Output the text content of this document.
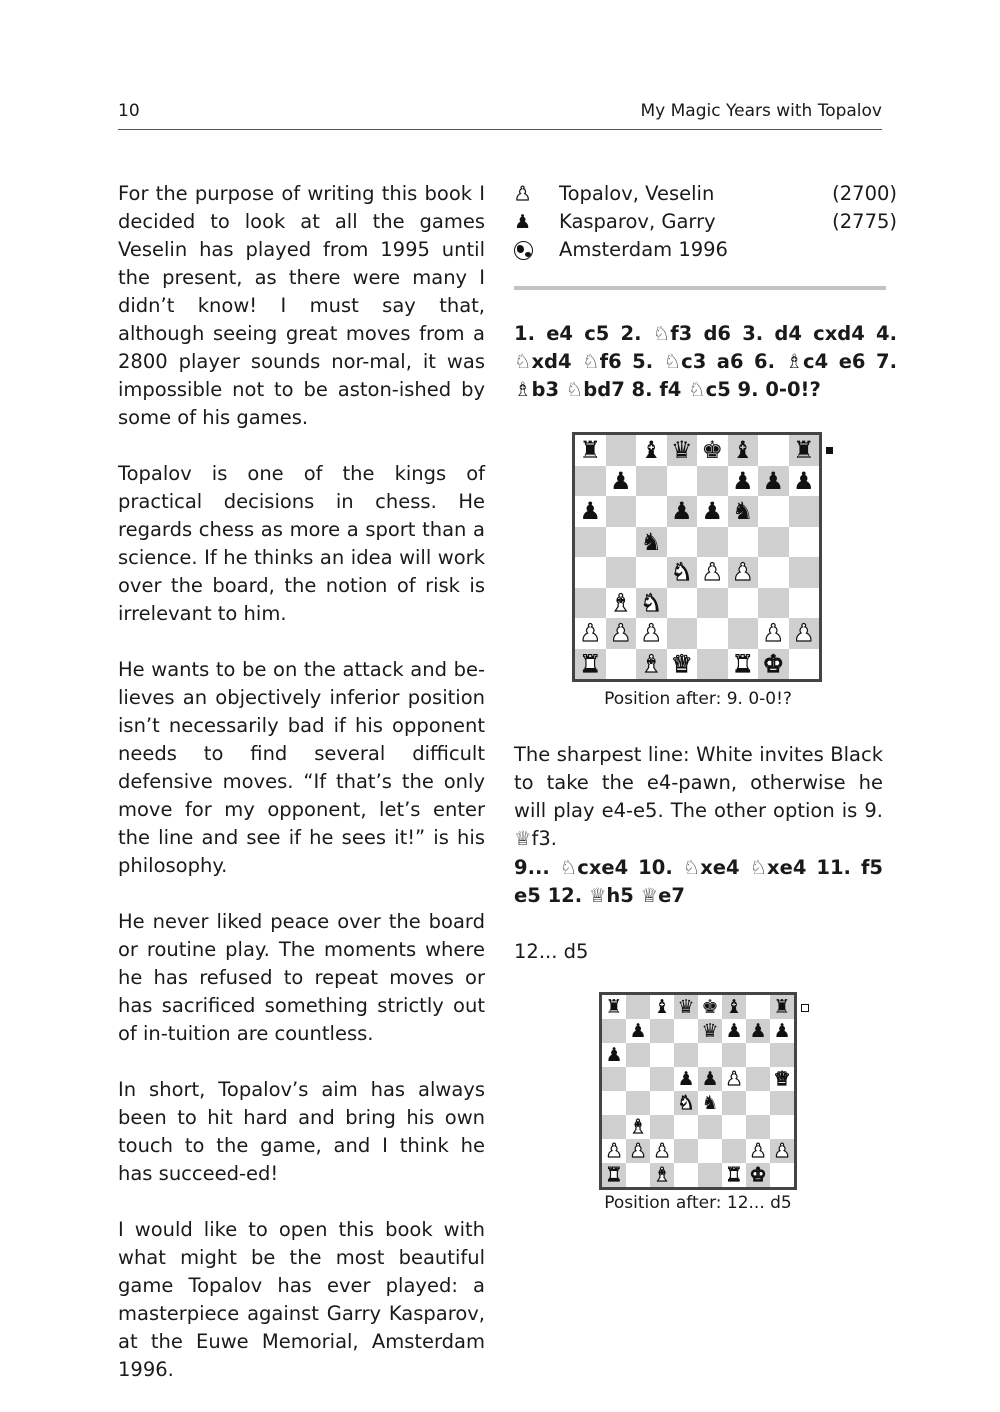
10	My Magic Years with Topalov

For the purpose of writing this book I decided to look at all the games Veselin has played from 1995 until the present, as there were many I didn’t know! I must say that, although seeing great moves from a 2800 player sounds nor-mal, it was impossible not to be aston-ished by some of his games.

Topalov is one of the kings of practical decisions in chess. He regards chess as more a sport than a science. If he thinks an idea will work over the board, the notion of risk is irrelevant to him.

He wants to be on the attack and be-lieves an objectively inferior position isn’t necessarily bad if his opponent needs to find several difficult defensive moves. “If that’s the only move for my opponent, let’s enter the line and see if he sees it!” is his philosophy.

He never liked peace over the board or routine play. The moments where he has refused to repeat moves or has sacrificed something strictly out of in-tuition are countless.

In short, Topalov’s aim has always been to hit hard and bring his own touch to the game, and I think he has succeed-ed!

I would like to open this book with what might be the most beautiful game Topalov has ever played: a masterpiece against Garry Kasparov, at the Euwe Memorial, Amsterdam 1996.

♟	Topalov, Veselin	(2700)
♟	Kasparov, Garry	(2775)
Amsterdam 1996

1. e4 c5 2. ♘f3 d6 3. d4 cxd4 4. ♘xd4 ♘f6 5. ♘c3 a6 6. ♗c4 e6 7. ♗b3 ♘bd7 8. f4 ♘c5 9. 0-0!?

♜ ♝ ♛ ♚ ♝ ♜
♟	♟ ♟ ♟
♟	♟ ♟ ♞
♞
♞ ♟ ♟
♝ ♞
♟ ♟ ♟	♟ ♟
♜ ♝ ♛ ♜ ♚
Position after: 9. 0-0!?

The sharpest line: White invites Black to take the e4-pawn, otherwise he will play e4-e5. The other option is 9. ♕f3.

9... ♘cxe4 10. ♘xe4 ♘xe4 11. f5 e5 12. ♕h5 ♕e7

12... d5

♜ ♝ ♛ ♚ ♝ ♜
♟	♛ ♟ ♟ ♟
♟
♟ ♟ ♟ ♛
♞ ♞
♝
♟ ♟ ♟	♟ ♟
♜ ♝	♜ ♚
Position after: 12... d5
